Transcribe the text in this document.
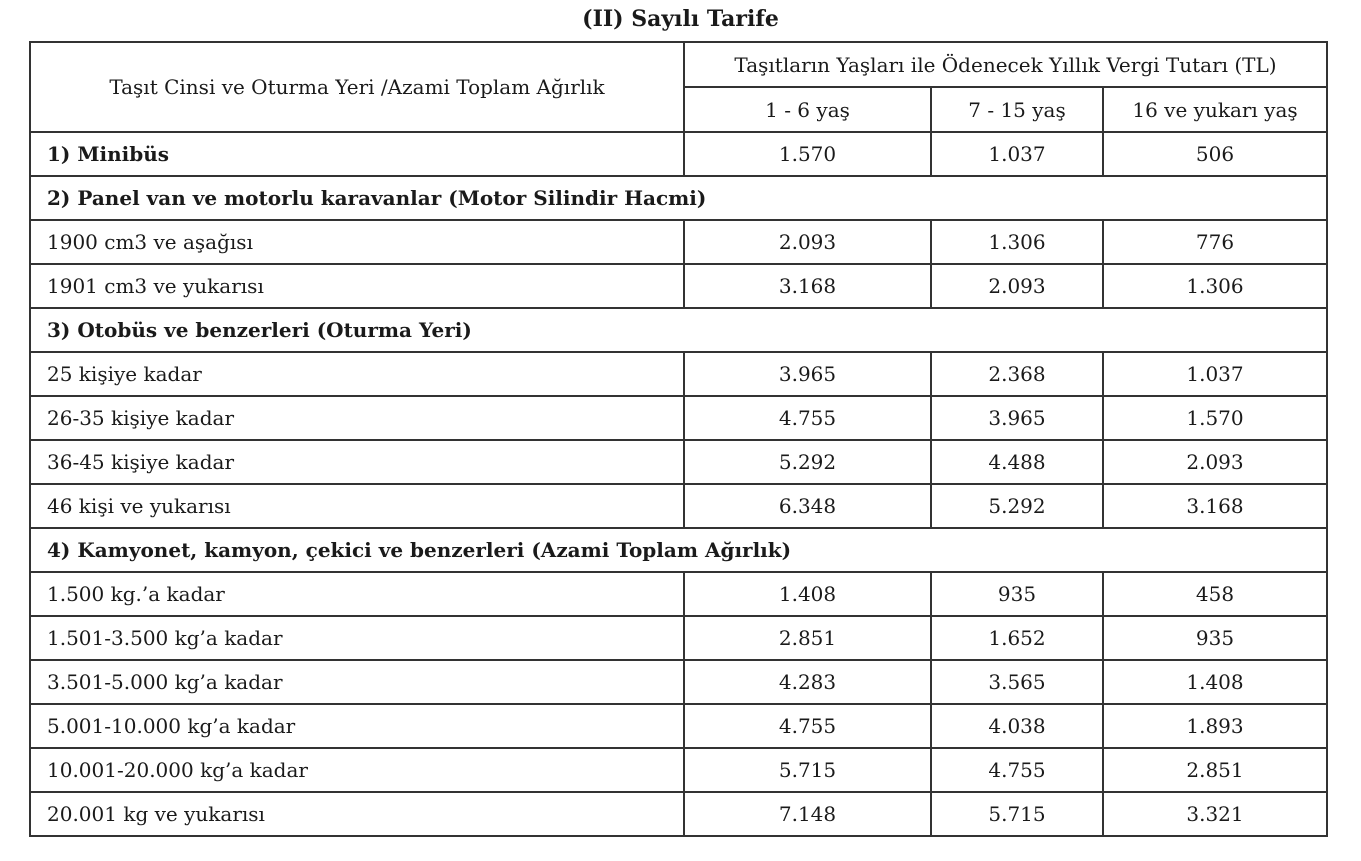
(II) Sayılı Tarife
Taşıt Cinsi ve Oturma Yeri /Azami Toplam Ağırlık	Taşıtların Yaşları ile Ödenecek Yıllık Vergi Tutarı (TL)		
	1 - 6 yaş	7 - 15 yaş	16 ve yukarı yaş
1) Minibüs	1.570	1.037	506
2) Panel van ve motorlu karavanlar (Motor Silindir Hacmi)			
1900 cm3 ve aşağısı	2.093	1.306	776
1901 cm3 ve yukarısı	3.168	2.093	1.306
3) Otobüs ve benzerleri (Oturma Yeri)			
25 kişiye kadar	3.965	2.368	1.037
26-35 kişiye kadar	4.755	3.965	1.570
36-45 kişiye kadar	5.292	4.488	2.093
46 kişi ve yukarısı	6.348	5.292	3.168
4) Kamyonet, kamyon, çekici ve benzerleri (Azami Toplam Ağırlık)			
1.500 kg.’a kadar	1.408	935	458
1.501-3.500 kg’a kadar	2.851	1.652	935
3.501-5.000 kg’a kadar	4.283	3.565	1.408
5.001-10.000 kg’a kadar	4.755	4.038	1.893
10.001-20.000 kg’a kadar	5.715	4.755	2.851
20.001 kg ve yukarısı	7.148	5.715	3.321
